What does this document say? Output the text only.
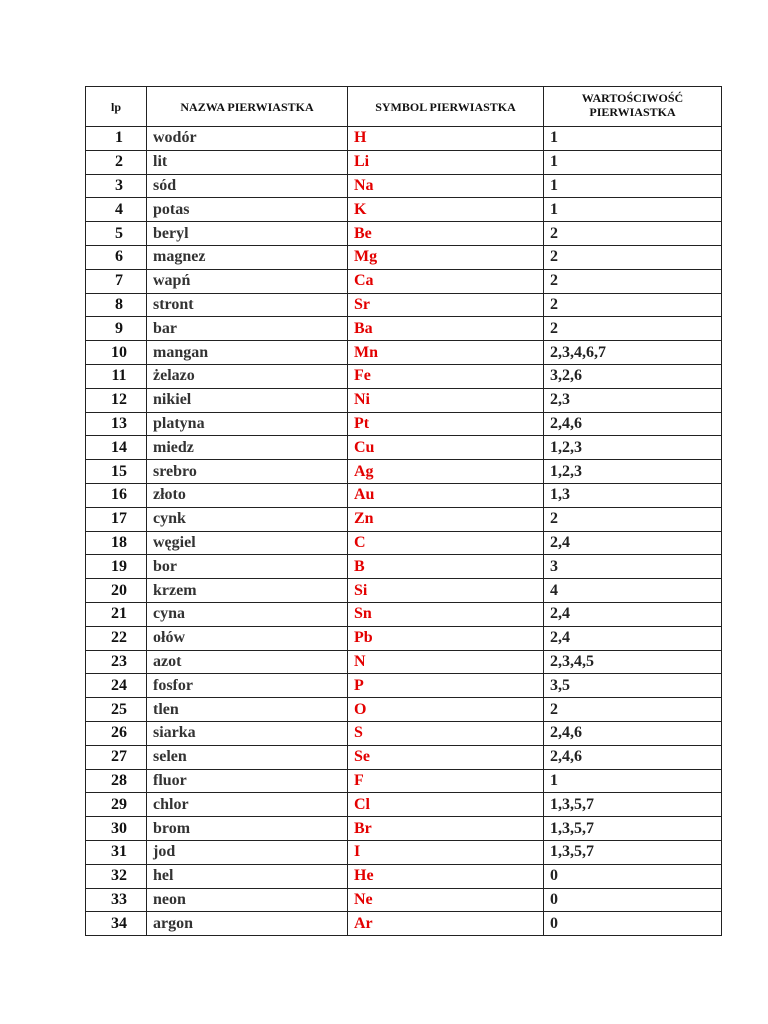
lp	NAZWA PIERWIASTKA	SYMBOL PIERWIASTKA	WARTOŚCIWOŚĆ PIERWIASTKA
1	wodór	H	1
2	lit	Li	1
3	sód	Na	1
4	potas	K	1
5	beryl	Be	2
6	magnez	Mg	2
7	wapń	Ca	2
8	stront	Sr	2
9	bar	Ba	2
10	mangan	Mn	2,3,4,6,7
11	żelazo	Fe	3,2,6
12	nikiel	Ni	2,3
13	platyna	Pt	2,4,6
14	miedz	Cu	1,2,3
15	srebro	Ag	1,2,3
16	złoto	Au	1,3
17	cynk	Zn	2
18	węgiel	C	2,4
19	bor	B	3
20	krzem	Si	4
21	cyna	Sn	2,4
22	ołów	Pb	2,4
23	azot	N	2,3,4,5
24	fosfor	P	3,5
25	tlen	O	2
26	siarka	S	2,4,6
27	selen	Se	2,4,6
28	fluor	F	1
29	chlor	Cl	1,3,5,7
30	brom	Br	1,3,5,7
31	jod	I	1,3,5,7
32	hel	He	0
33	neon	Ne	0
34	argon	Ar	0
